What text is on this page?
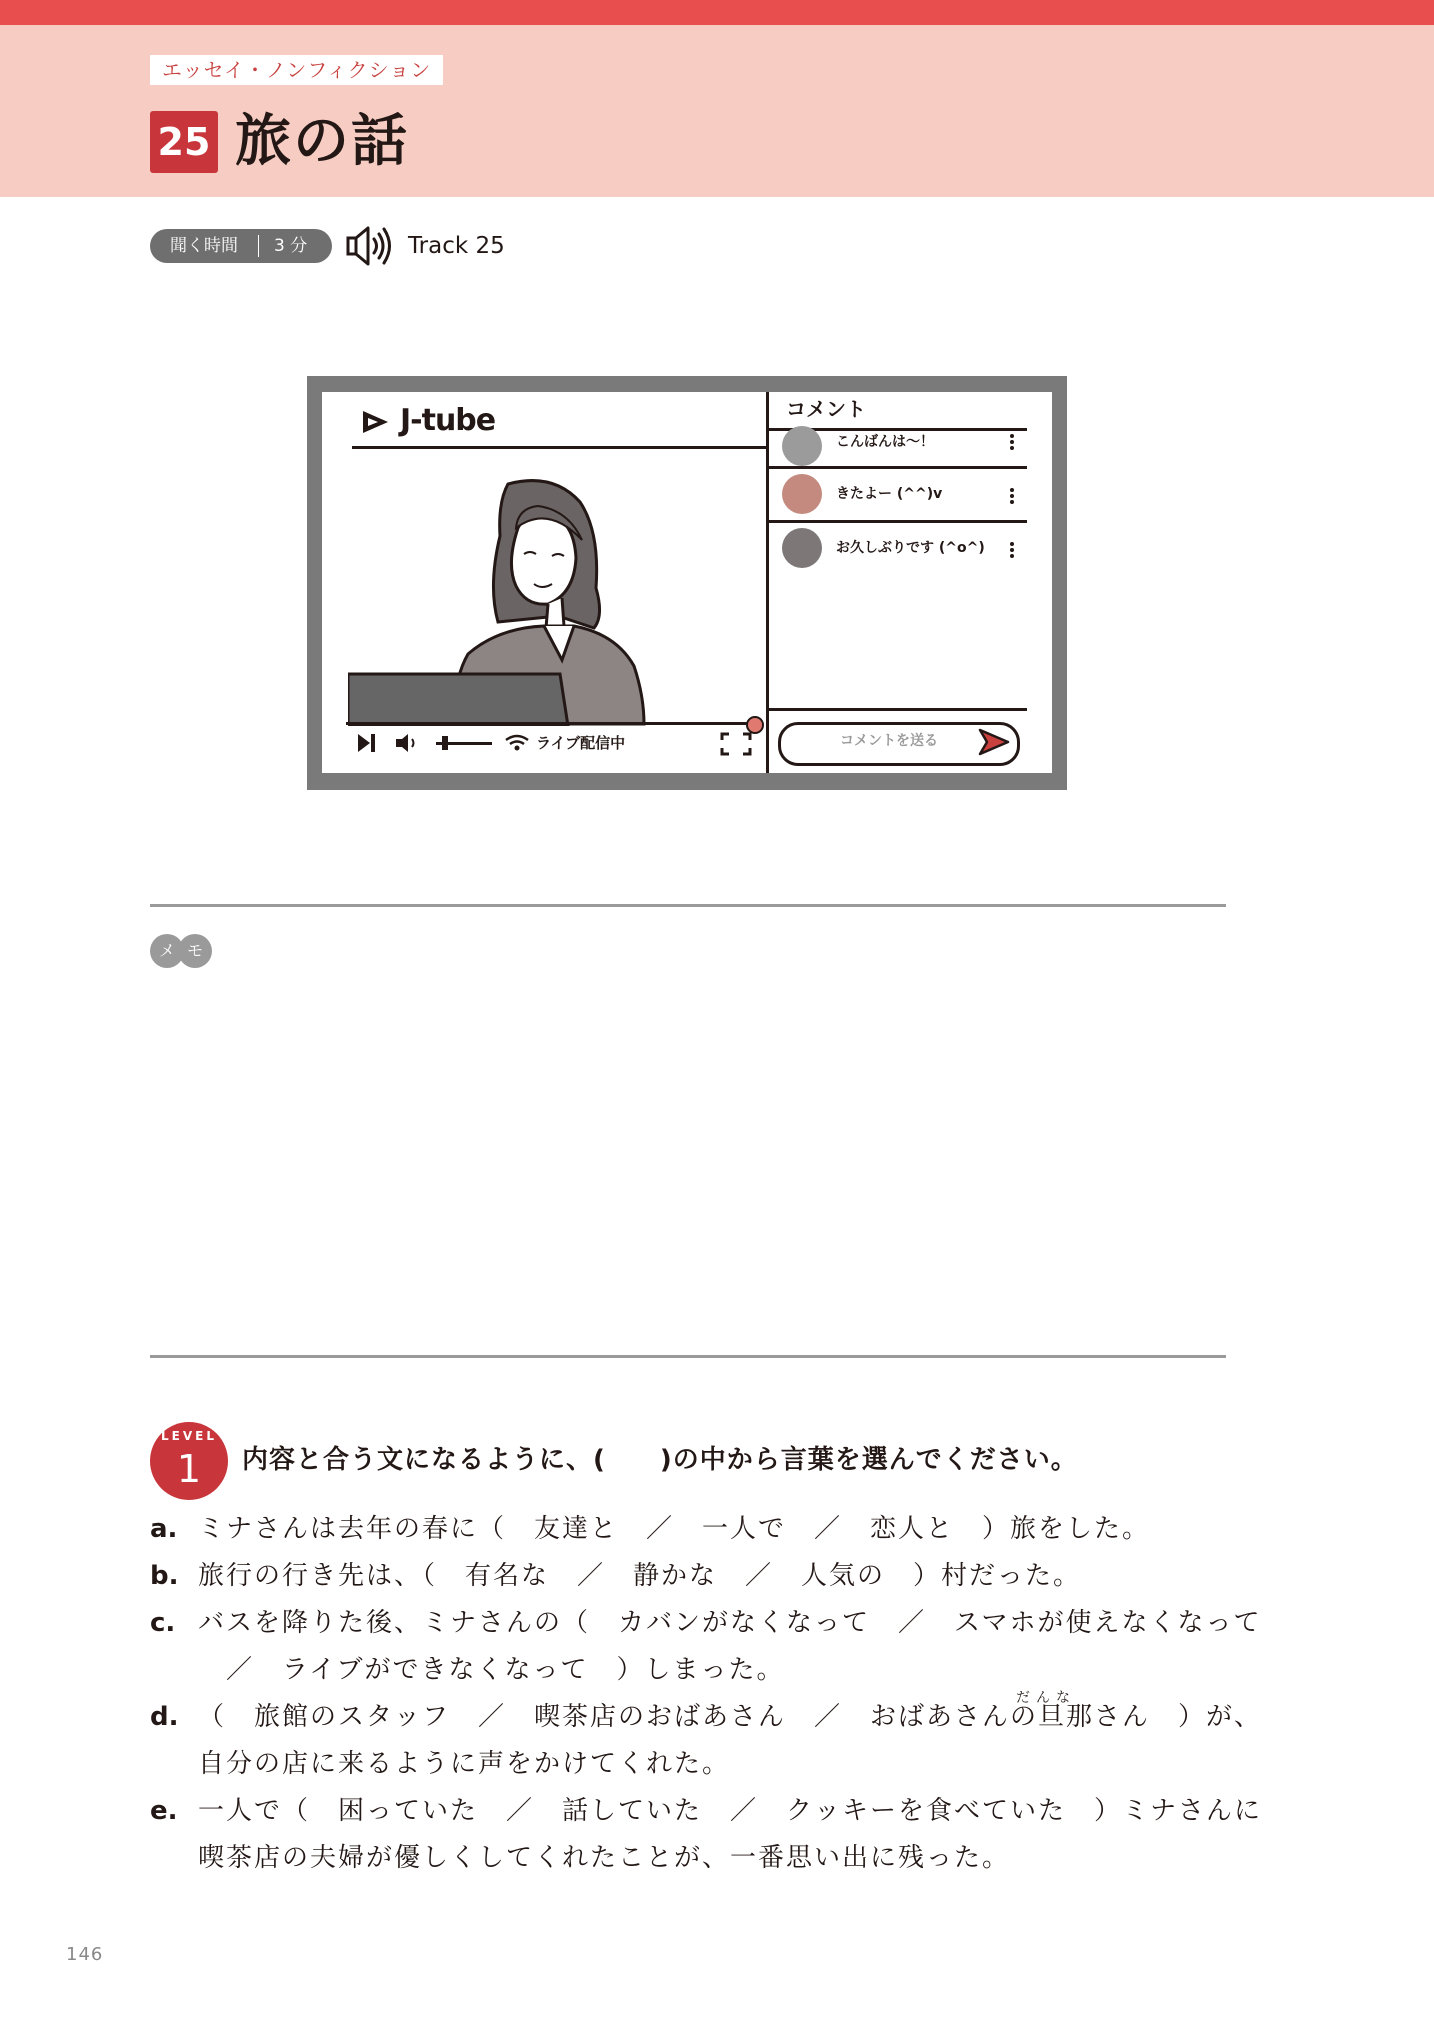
エッセイ・ノンフィクション
25 旅の話
聞く時間 3 分	Track 25
J-tube
ライブ配信中
コメント
こんばんは〜！
きたよー (^^)v
お久しぶりです (^o^)
コメントを送る
メ モ
LEVEL
1	内容と合う文になるように、(　　)の中から言葉を選んでください。
a. ミナさんは去年の春に（　友達と　／　一人で　／　恋人と　）旅をした。
b. 旅行の行き先は、（　有名な　／　静かな　／　人気の　）村だった。
c. バスを降りた後、ミナさんの（　カバンがなくなって　／　スマホが使えなくなって
／　ライブができなくなって　）しまった。
だんな
d. （　旅館のスタッフ　／　喫茶店のおばあさん　／　おばあさんの旦那さん　）が、
自分の店に来るように声をかけてくれた。
e. 一人で（　困っていた　／　話していた　／　クッキーを食べていた　）ミナさんに
喫茶店の夫婦が優しくしてくれたことが、一番思い出に残った。
146
